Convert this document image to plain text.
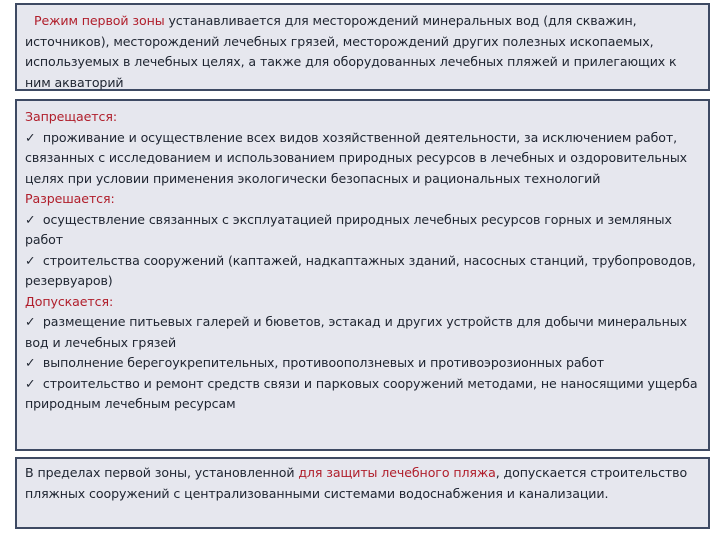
Режим первой зоны устанавливается для месторождений минеральных вод (для скважин, источников), месторождений лечебных грязей, месторождений других полезных ископаемых, используемых в лечебных целях, а также для оборудованных лечебных пляжей и прилегающих к ним акваторий
Запрещается:
✓ проживание и осуществление всех видов хозяйственной деятельности, за исключением работ, связанных с исследованием и использованием природных ресурсов в лечебных и оздоровительных целях при условии применения экологически безопасных и рациональных технологий
Разрешается:
✓ осуществление связанных с эксплуатацией природных лечебных ресурсов горных и земляных работ
✓ строительства сооружений (каптажей, надкаптажных зданий, насосных станций, трубопроводов, резервуаров)
Допускается:
✓ размещение питьевых галерей и бюветов, эстакад и других устройств для добычи минеральных вод и лечебных грязей
✓ выполнение берегоукрепительных, противооползневых и противоэрозионных работ
✓ строительство и ремонт средств связи и парковых сооружений методами, не наносящими ущерба природным лечебным ресурсам
В пределах первой зоны, установленной для защиты лечебного пляжа, допускается строительство пляжных сооружений с централизованными системами водоснабжения и канализации.
